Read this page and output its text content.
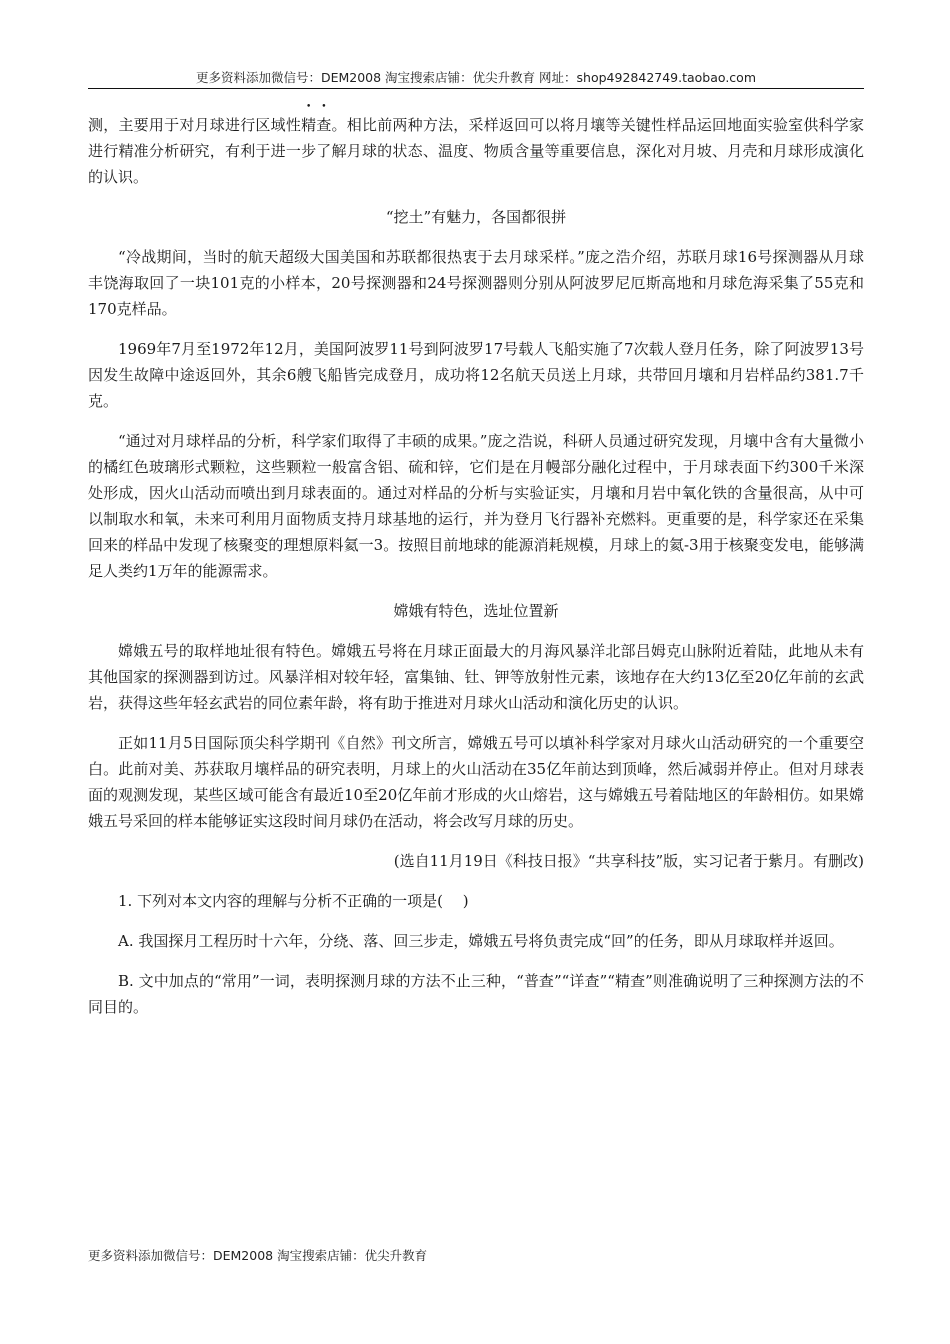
更多资料添加微信号：DEM2008 淘宝搜索店铺：优尖升教育 网址：shop492842749.taobao.com

测，主要用于对月球进行区域性精查。相比前两种方法，采样返回可以将月壤等关键性样品运回地面实验室供科学家进行精准分析研究，有利于进一步了解月球的状态、温度、物质含量等重要信息，深化对月坡、月壳和月球形成演化的认识。

“挖土”有魅力，各国都很拼

“冷战期间，当时的航天超级大国美国和苏联都很热衷于去月球采样。”庞之浩介绍，苏联月球16号探测器从月球丰饶海取回了一块101克的小样本，20号探测器和24号探测器则分别从阿波罗尼厄斯高地和月球危海采集了55克和170克样品。

1969年7月至1972年12月，美国阿波罗11号到阿波罗17号载人飞船实施了7次载人登月任务，除了阿波罗13号因发生故障中途返回外，其余6艘飞船皆完成登月，成功将12名航天员送上月球，共带回月壤和月岩样品约381.7千克。

“通过对月球样品的分析，科学家们取得了丰硕的成果。”庞之浩说，科研人员通过研究发现，月壤中含有大量微小的橘红色玻璃形式颗粒，这些颗粒一般富含铝、硫和锌，它们是在月幔部分融化过程中，于月球表面下约300千米深处形成，因火山活动而喷出到月球表面的。通过对样品的分析与实验证实，月壤和月岩中氧化铁的含量很高，从中可以制取水和氧，未来可利用月面物质支持月球基地的运行，并为登月飞行器补充燃料。更重要的是，科学家还在采集回来的样品中发现了核聚变的理想原料氦一3。按照目前地球的能源消耗规模，月球上的氦-3用于核聚变发电，能够满足人类约1万年的能源需求。

嫦娥有特色，选址位置新

嫦娥五号的取样地址很有特色。嫦娥五号将在月球正面最大的月海风暴洋北部吕姆克山脉附近着陆，此地从未有其他国家的探测器到访过。风暴洋相对较年轻，富集铀、钍、钾等放射性元素，该地存在大约13亿至20亿年前的玄武岩，获得这些年轻玄武岩的同位素年龄，将有助于推进对月球火山活动和演化历史的认识。

正如11月5日国际顶尖科学期刊《自然》刊文所言，嫦娥五号可以填补科学家对月球火山活动研究的一个重要空白。此前对美、苏获取月壤样品的研究表明，月球上的火山活动在35亿年前达到顶峰，然后减弱并停止。但对月球表面的观测发现，某些区域可能含有最近10至20亿年前才形成的火山熔岩，这与嫦娥五号着陆地区的年龄相仿。如果嫦娥五号采回的样本能够证实这段时间月球仍在活动，将会改写月球的历史。

(选自11月19日《科技日报》“共享科技”版，实习记者于紫月。有删改)

1. 下列对本文内容的理解与分析不正确的一项是(　 )

A. 我国探月工程历时十六年，分绕、落、回三步走，嫦娥五号将负责完成“回”的任务，即从月球取样并返回。

B. 文中加点的“常用”一词，表明探测月球的方法不止三种，“普查”“详查”“精查”则准确说明了三种探测方法的不同目的。

更多资料添加微信号：DEM2008 淘宝搜索店铺：优尖升教育
